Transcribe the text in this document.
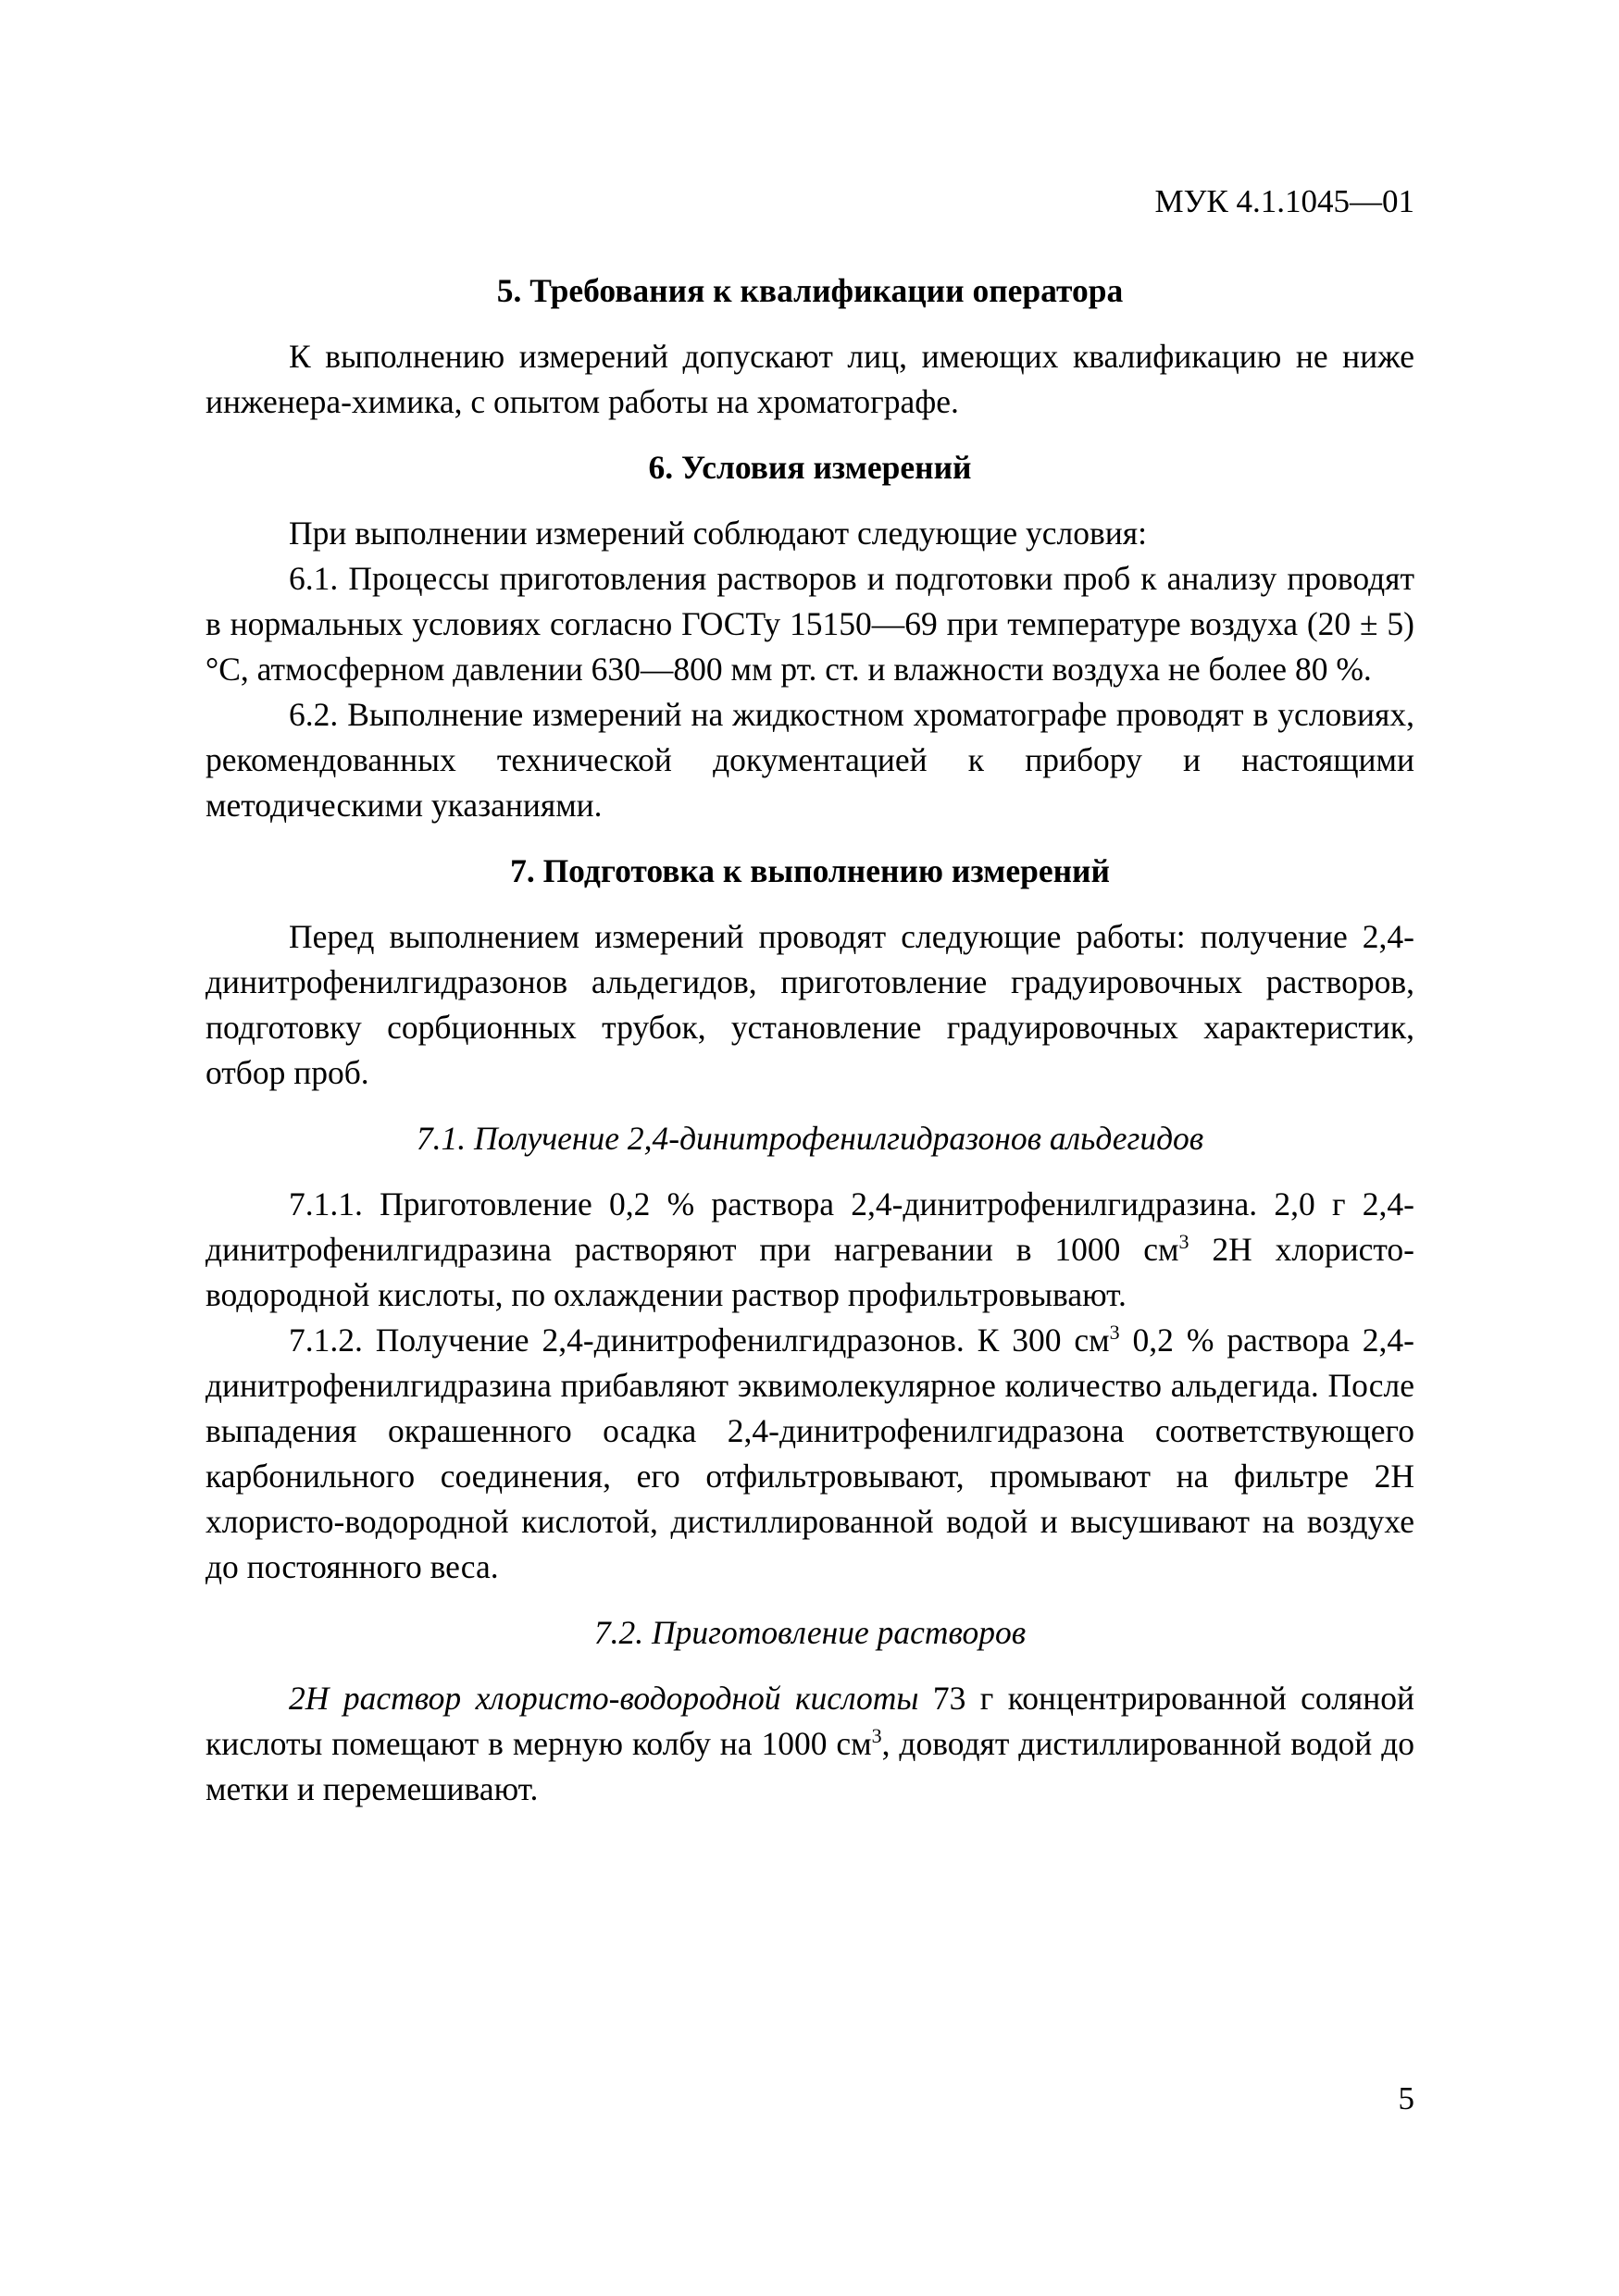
МУК 4.1.1045—01

5. Требования к квалификации оператора

К выполнению измерений допускают лиц, имеющих квалификацию не ниже инженера-химика, с опытом работы на хроматографе.

6. Условия измерений

При выполнении измерений соблюдают следующие условия:

6.1. Процессы приготовления растворов и подготовки проб к анализу проводят в нормальных условиях согласно ГОСТу 15150—69 при температуре воздуха (20 ± 5) °С, атмосферном давлении 630—800 мм рт. ст. и влажности воздуха не более 80 %.

6.2. Выполнение измерений на жидкостном хроматографе проводят в условиях, рекомендованных технической документацией к прибору и настоящими методическими указаниями.

7. Подготовка к выполнению измерений

Перед выполнением измерений проводят следующие работы: получение 2,4-динитрофенилгидразонов альдегидов, приготовление градуировочных растворов, подготовку сорбционных трубок, установление градуировочных характеристик, отбор проб.

7.1. Получение 2,4-динитрофенилгидразонов альдегидов

7.1.1. Приготовление 0,2 % раствора 2,4-динитрофенилгидразина. 2,0 г 2,4-динитрофенилгидразина растворяют при нагревании в 1000 $см^3$ 2Н хлористо-водородной кислоты, по охлаждении раствор профильтровывают.

7.1.2. Получение 2,4-динитрофенилгидразонов. К 300 $см^3$ 0,2 % раствора 2,4-динитрофенилгидразина прибавляют эквимолекулярное количество альдегида. После выпадения окрашенного осадка 2,4-динитрофенилгидразона соответствующего карбонильного соединения, его отфильтровывают, промывают на фильтре 2Н хлористо-водородной кислотой, дистиллированной водой и высушивают на воздухе до постоянного веса.

7.2. Приготовление растворов

2Н раствор хлористо-водородной кислоты 73 г концентрированной соляной кислоты помещают в мерную колбу на 1000 $см^3$, доводят дистиллированной водой до метки и перемешивают.

5
